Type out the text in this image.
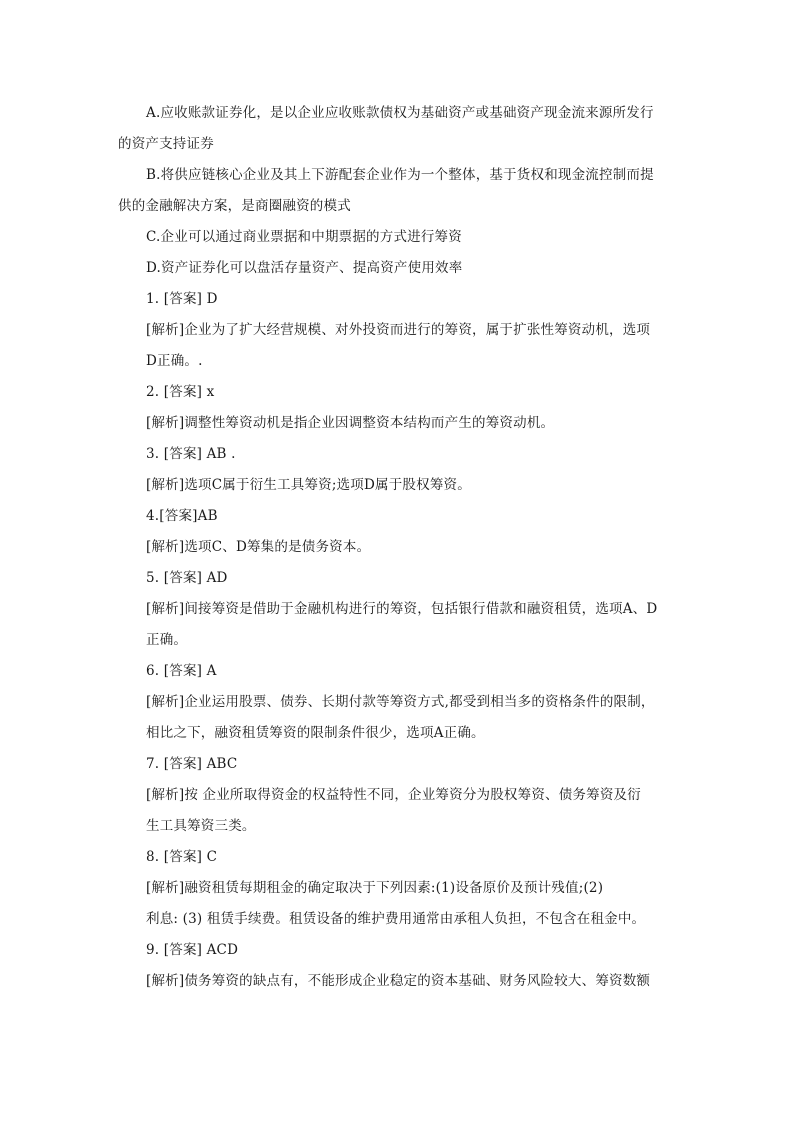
A.应收账款证券化，是以企业应收账款债权为基础资产或基础资产现金流来源所发行
的资产支持证券
B.将供应链核心企业及其上下游配套企业作为一个整体，基于货权和现金流控制而提
供的金融解决方案，是商圈融资的模式
C.企业可以通过商业票据和中期票据的方式进行筹资
D.资产证券化可以盘活存量资产、提高资产使用效率
1. [答案] D
[解析]企业为了扩大经营规模、对外投资而进行的筹资，属于扩张性筹资动机，选项
D正确。.
2. [答案] x
[解析]调整性筹资动机是指企业因调整资本结构而产生的筹资动机。
3. [答案] AB .
[解析]选项C属于衍生工具筹资;选项D属于股权筹资。
4.[答案]AB
[解析]选项C、D筹集的是债务资本。
5. [答案] AD
[解析]间接筹资是借助于金融机构进行的筹资，包括银行借款和融资租赁，选项A、D
正确。
6. [答案] A
[解析]企业运用股票、债券、长期付款等筹资方式,都受到相当多的资格条件的限制，
相比之下，融资租赁筹资的限制条件很少，选项A正确。
7. [答案] ABC
[解析]按 企业所取得资金的权益特性不同，企业筹资分为股权筹资、债务筹资及衍
生工具筹资三类。
8. [答案] C
[解析]融资租赁每期租金的确定取决于下列因素:(1)设备原价及预计残值;(2)
利息: (3) 租赁手续费。租赁设备的维护费用通常由承租人负担，不包含在租金中。
9. [答案] ACD
[解析]债务筹资的缺点有，不能形成企业稳定的资本基础、财务风险较大、筹资数额
